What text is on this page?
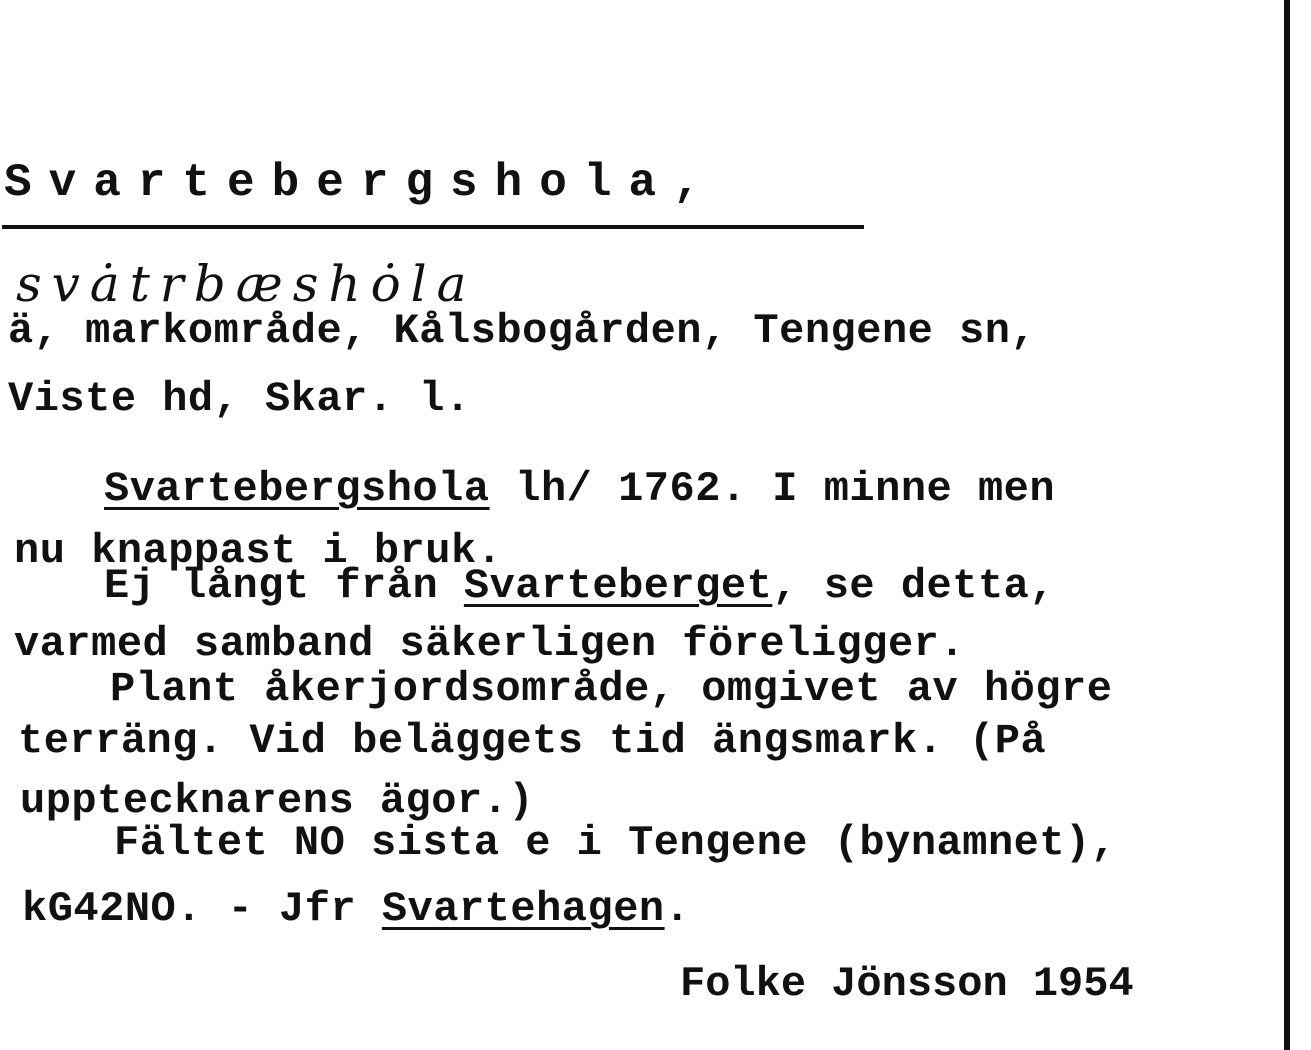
Svartebergshola,
svȧtrbæshȯla
ä, markområde, Kålsbogården, Tengene sn,
Viste hd, Skar. l.
Svartebergshola lh/ 1762. I minne men
nu knappast i bruk.
Ej långt från Svarteberget, se detta,
varmed samband säkerligen föreligger.
Plant åkerjordsområde, omgivet av högre
terräng. Vid beläggets tid ängsmark. (På
upptecknarens ägor.)
Fältet NO sista e i Tengene (bynamnet),
kG42NO. - Jfr Svartehagen.
Folke Jönsson 1954
